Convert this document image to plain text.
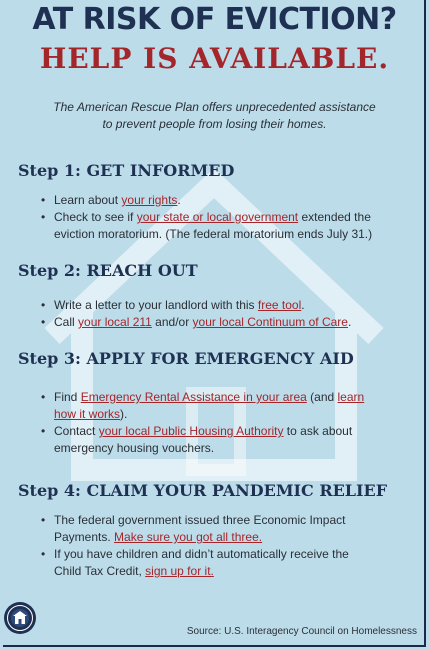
AT RISK OF EVICTION?
HELP IS AVAILABLE.

The American Rescue Plan offers unprecedented assistance
to prevent people from losing their homes.

Step 1: GET INFORMED
• Learn about your rights.
• Check to see if your state or local government extended the
eviction moratorium. (The federal moratorium ends July 31.)
Step 2: REACH OUT
• Write a letter to your landlord with this free tool.
• Call your local 211 and/or your local Continuum of Care.
Step 3: APPLY FOR EMERGENCY AID
• Find Emergency Rental Assistance in your area (and learn
how it works).
• Contact your local Public Housing Authority to ask about
emergency housing vouchers.
Step 4: CLAIM YOUR PANDEMIC RELIEF
• The federal government issued three Economic Impact
Payments. Make sure you got all three.
• If you have children and didn’t automatically receive the
Child Tax Credit, sign up for it.
Source: U.S. Interagency Council on Homelessness
